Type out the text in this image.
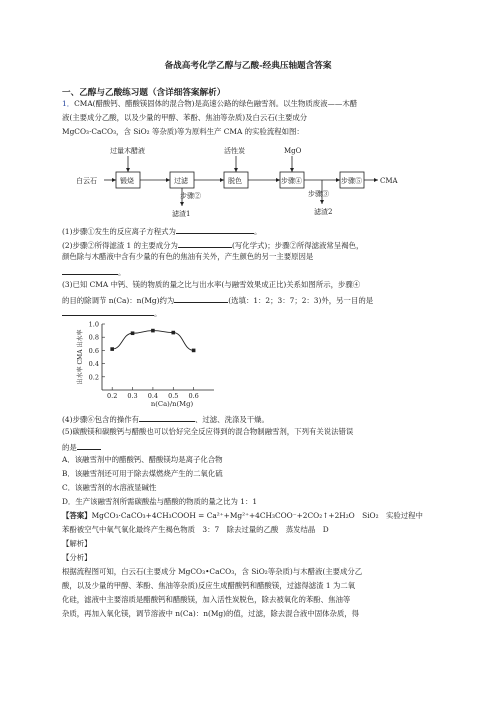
备战高考化学乙醇与乙酸-经典压轴题含答案
一、乙醇与乙酸练习题（含详细答案解析）
1．CMA(醋酸钙、醋酸镁固体的混合物)是高速公路的绿色融雪剂。以生物质废液——木醋
液(主要成分乙酸，以及少量的甲醇、苯酚、焦油等杂质)及白云石(主要成分
MgCO₃·CaCO₃，含 SiO₂ 等杂质)等为原料生产 CMA 的实验流程如图：
白云石	锻烧	过滤	脱色	步骤④	步骤⑤	CMA
过量木醋液	活性炭	MgO
步骤②	步骤③
滤渣1	滤渣2
(1)步骤①发生的反应离子方程式为	。
(2)步骤②所得滤渣 1 的主要成分为	(写化学式)；步骤②所得滤液常呈褐色，
颜色除与木醋液中含有少量的有色的焦油有关外，产生颜色的另一主要原因是
。
(3)已知 CMA 中钙、镁的物质的量之比与出水率(与融雪效果成正比)关系如图所示，步骤④
的目的除调节 n(Ca)：n(Mg)约为	(选填：1：2；3：7；2：3)外，另一目的是
。
1.0
0.8
0.6
0.4
0.2
0.2 0.3 0.4 0.5 0.6
n(Ca)/n(Mg)
出水率 CMA 出水率
(4)步骤⑥包含的操作有	、过滤、洗涤及干燥。
(5)碳酸镁和碳酸钙与醋酸也可以恰好完全反应得到的混合物制融雪剂，下列有关说法错误
的是
A．该融雪剂中的醋酸钙、醋酸镁均是离子化合物
B．该融雪剂还可用于除去煤燃烧产生的二氧化硫
C．该融雪剂的水溶液显碱性
D．生产该融雪剂所需碳酸盐与醋酸的物质的量之比为 1：1
【答案】MgCO₃·CaCO₃+4CH₃COOH = Ca²⁺+Mg²⁺+4CH₃COO⁻+2CO₂↑+2H₂O　SiO₂　实验过程中
苯酚被空气中氧气氧化最终产生褐色物质　3：7　除去过量的乙酸　蒸发结晶　D
【解析】
【分析】
根据流程图可知，白云石(主要成分 MgCO₃•CaCO₃，含 SiO₂等杂质)与木醋液(主要成分乙
酸，以及少量的甲醇、苯酚、焦油等杂质)反应生成醋酸钙和醋酸镁，过滤得滤渣 1 为二氧
化硅，滤液中主要溶质是醋酸钙和醋酸镁，加入活性炭脱色，除去被氧化的苯酚、焦油等
杂质，再加入氧化镁，调节溶液中 n(Ca)：n(Mg)的值，过滤，除去混合液中固体杂质，得
